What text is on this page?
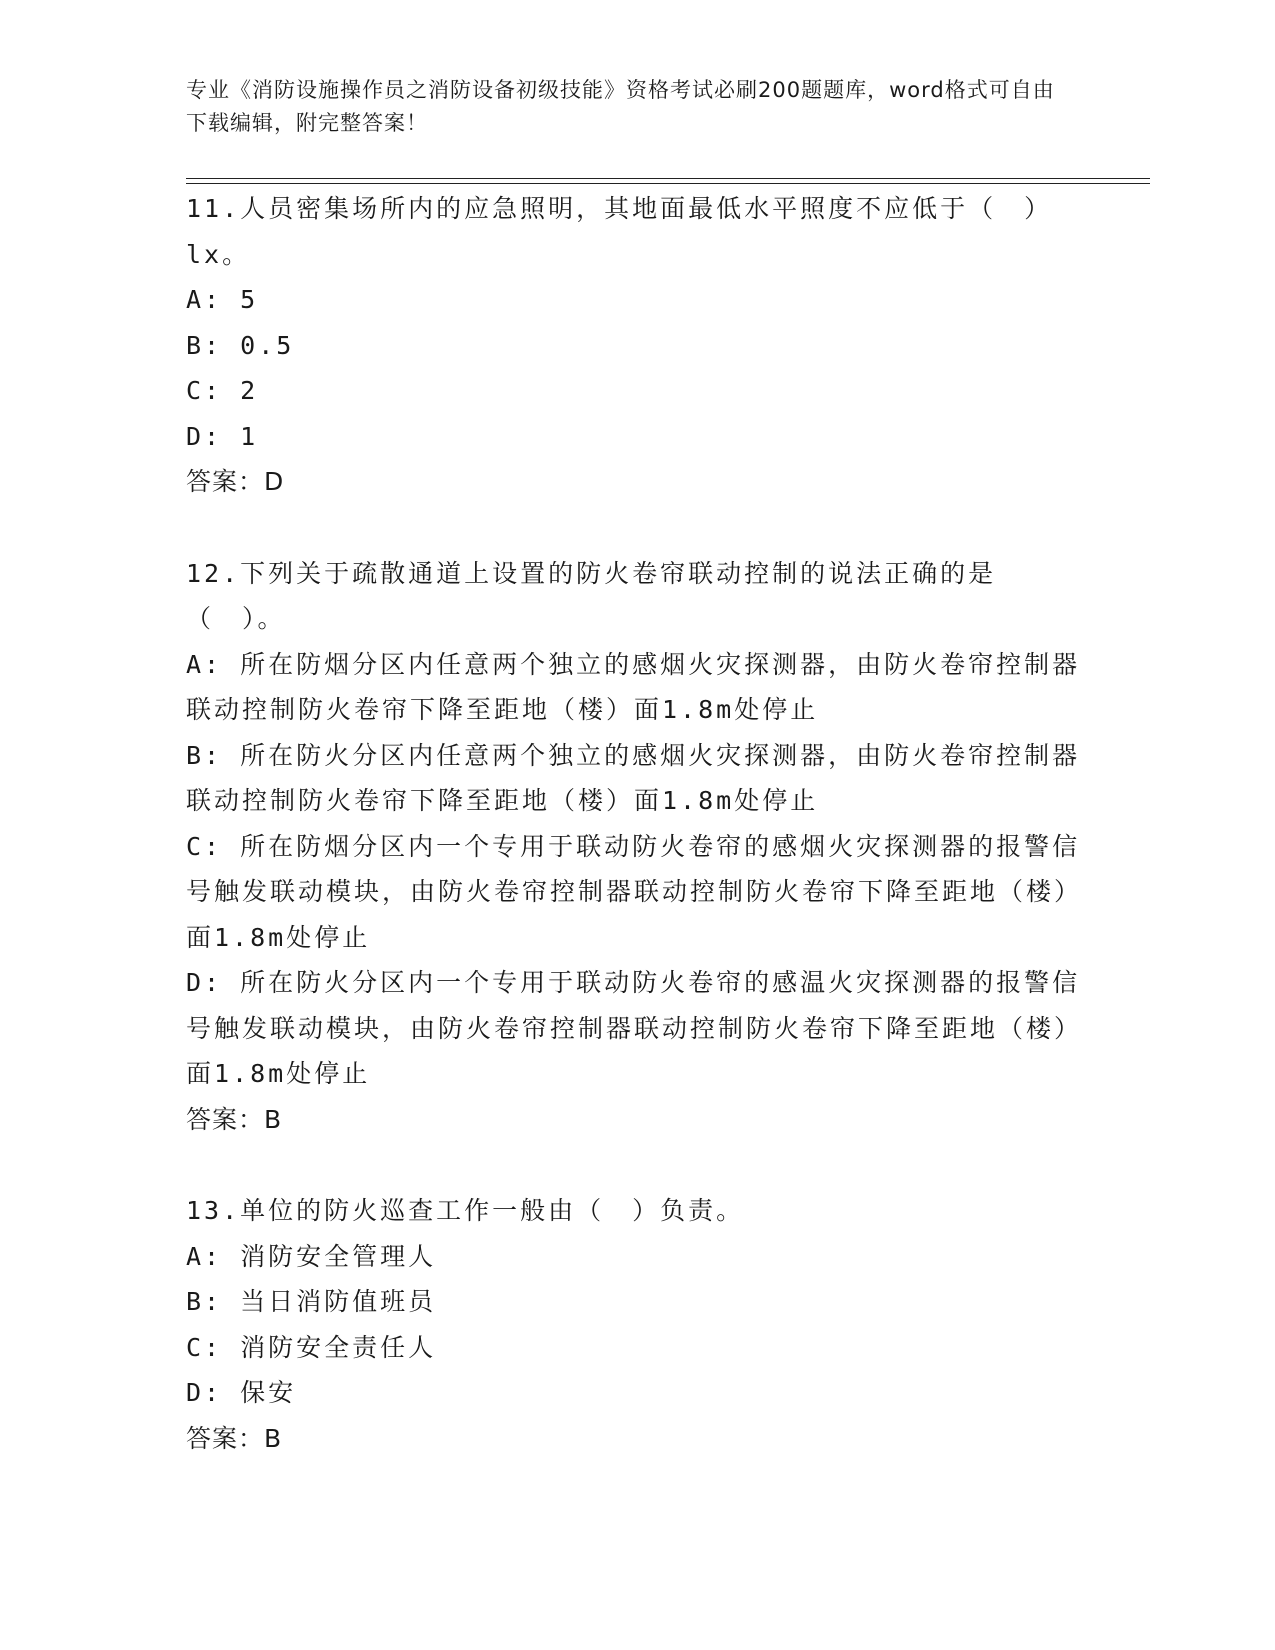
专业《消防设施操作员之消防设备初级技能》资格考试必刷200题题库，word格式可自由下载编辑，附完整答案！

11.人员密集场所内的应急照明，其地面最低水平照度不应低于（　）lx。

A: 5

B: 0.5

C: 2

D: 1

答案：D

12.下列关于疏散通道上设置的防火卷帘联动控制的说法正确的是（　）。

A: 所在防烟分区内任意两个独立的感烟火灾探测器，由防火卷帘控制器联动控制防火卷帘下降至距地（楼）面1.8m处停止

B: 所在防火分区内任意两个独立的感烟火灾探测器，由防火卷帘控制器联动控制防火卷帘下降至距地（楼）面1.8m处停止

C: 所在防烟分区内一个专用于联动防火卷帘的感烟火灾探测器的报警信号触发联动模块，由防火卷帘控制器联动控制防火卷帘下降至距地（楼）面1.8m处停止

D: 所在防火分区内一个专用于联动防火卷帘的感温火灾探测器的报警信号触发联动模块，由防火卷帘控制器联动控制防火卷帘下降至距地（楼）面1.8m处停止

答案：B

13.单位的防火巡查工作一般由（　）负责。

A: 消防安全管理人

B: 当日消防值班员

C: 消防安全责任人

D: 保安

答案：B
